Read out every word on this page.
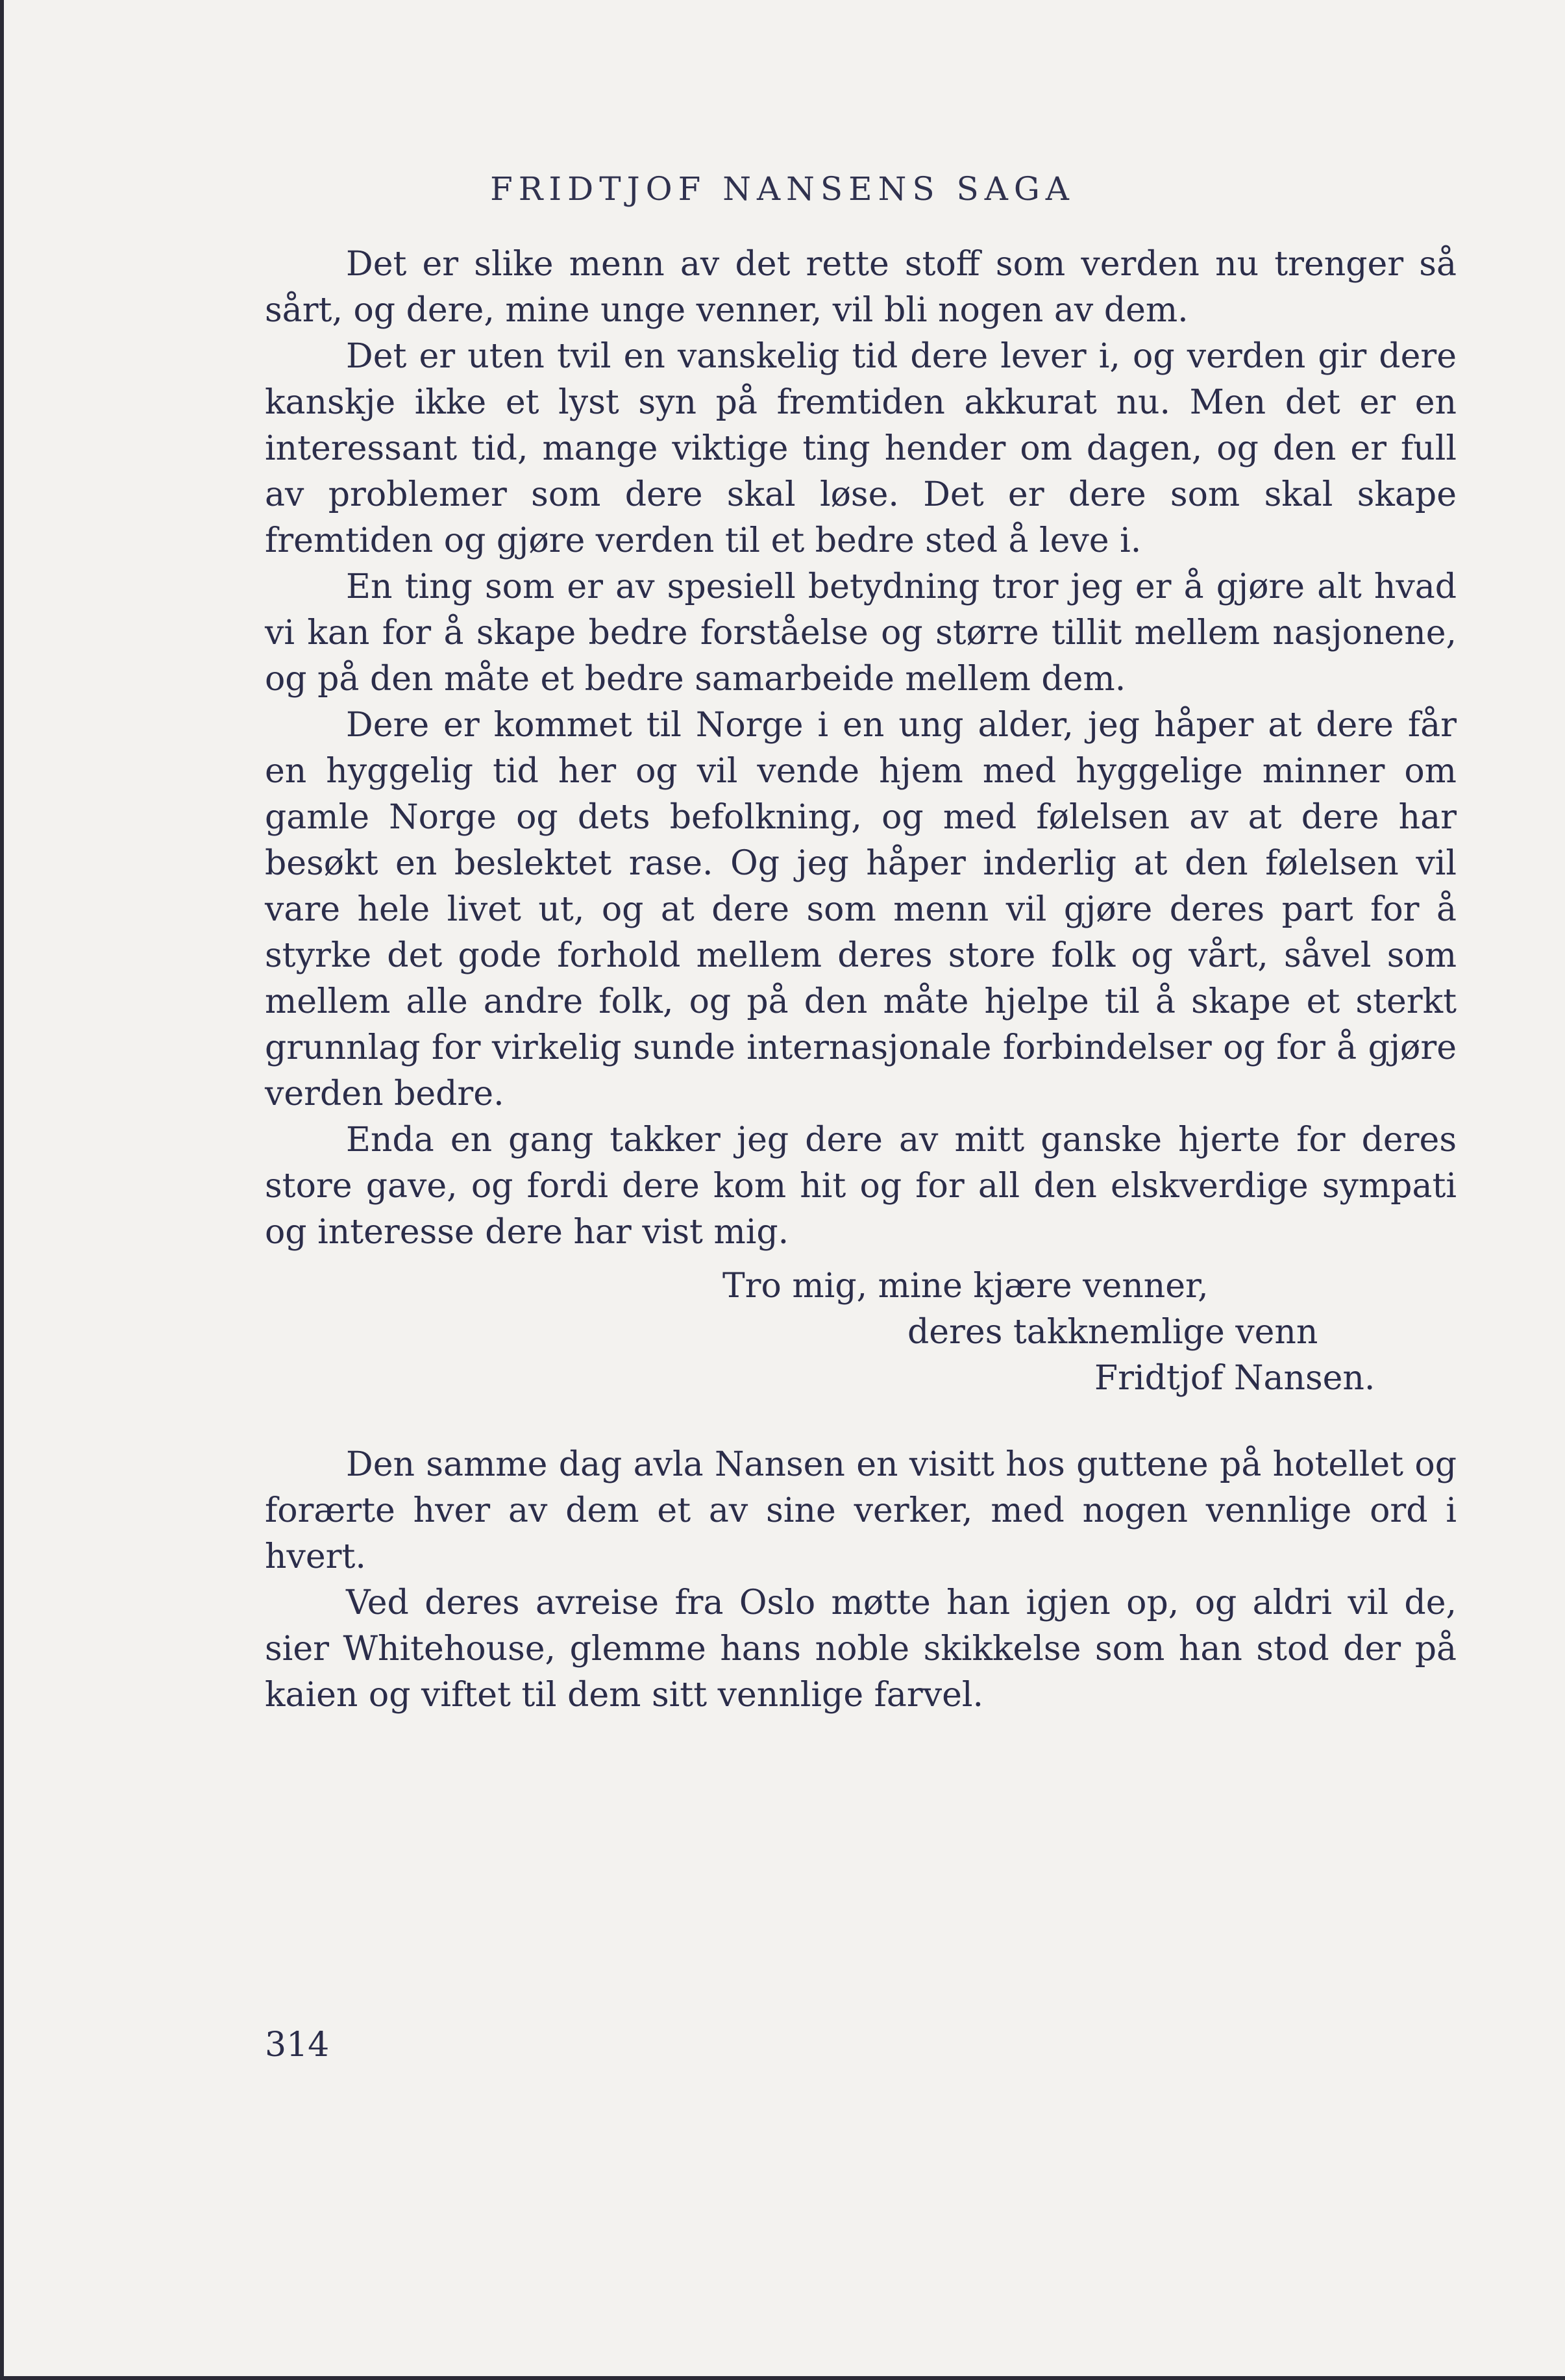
FRIDTJOF NANSENS SAGA

Det er slike menn av det rette stoff som verden nu trenger så sårt, og dere, mine unge venner, vil bli nogen av dem.

Det er uten tvil en vanskelig tid dere lever i, og verden gir dere kanskje ikke et lyst syn på fremtiden akkurat nu. Men det er en interessant tid, mange viktige ting hender om dagen, og den er full av problemer som dere skal løse. Det er dere som skal skape fremtiden og gjøre verden til et bedre sted å leve i.

En ting som er av spesiell betydning tror jeg er å gjøre alt hvad vi kan for å skape bedre forståelse og større tillit mellem nasjonene, og på den måte et bedre samarbeide mellem dem.

Dere er kommet til Norge i en ung alder, jeg håper at dere får en hyggelig tid her og vil vende hjem med hyggelige minner om gamle Norge og dets befolkning, og med følelsen av at dere har besøkt en beslektet rase. Og jeg håper inderlig at den følelsen vil vare hele livet ut, og at dere som menn vil gjøre deres part for å styrke det gode forhold mellem deres store folk og vårt, såvel som mellem alle andre folk, og på den måte hjelpe til å skape et sterkt grunnlag for virkelig sunde internasjonale forbindelser og for å gjøre verden bedre.

Enda en gang takker jeg dere av mitt ganske hjerte for deres store gave, og fordi dere kom hit og for all den elskverdige sympati og interesse dere har vist mig.

Tro mig, mine kjære venner,
deres takknemlige venn
Fridtjof Nansen.

Den samme dag avla Nansen en visitt hos guttene på hotellet og forærte hver av dem et av sine verker, med nogen vennlige ord i hvert.

Ved deres avreise fra Oslo møtte han igjen op, og aldri vil de, sier Whitehouse, glemme hans noble skikkelse som han stod der på kaien og viftet til dem sitt vennlige farvel.

314
